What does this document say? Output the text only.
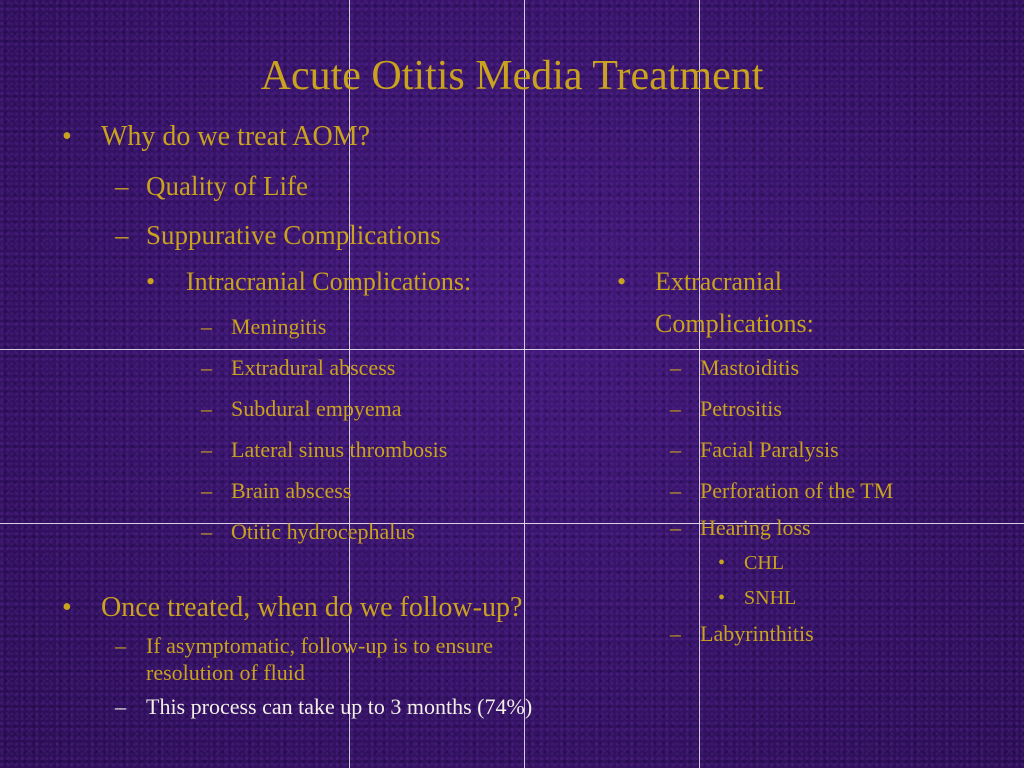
Acute Otitis Media Treatment
• Why do we treat AOM?
– Quality of Life
– Suppurative Complications
• Intracranial Complications:
– Meningitis
– Extradural abscess
– Subdural empyema
– Lateral sinus thrombosis
– Brain abscess
– Otitic hydrocephalus
• Extracranial
Complications:
– Mastoiditis
– Petrositis
– Facial Paralysis
– Perforation of the TM
– Hearing loss
• CHL
• SNHL
– Labyrinthitis
• Once treated, when do we follow-up?
– If asymptomatic, follow-up is to ensure
resolution of fluid
– This process can take up to 3 months (74%)
